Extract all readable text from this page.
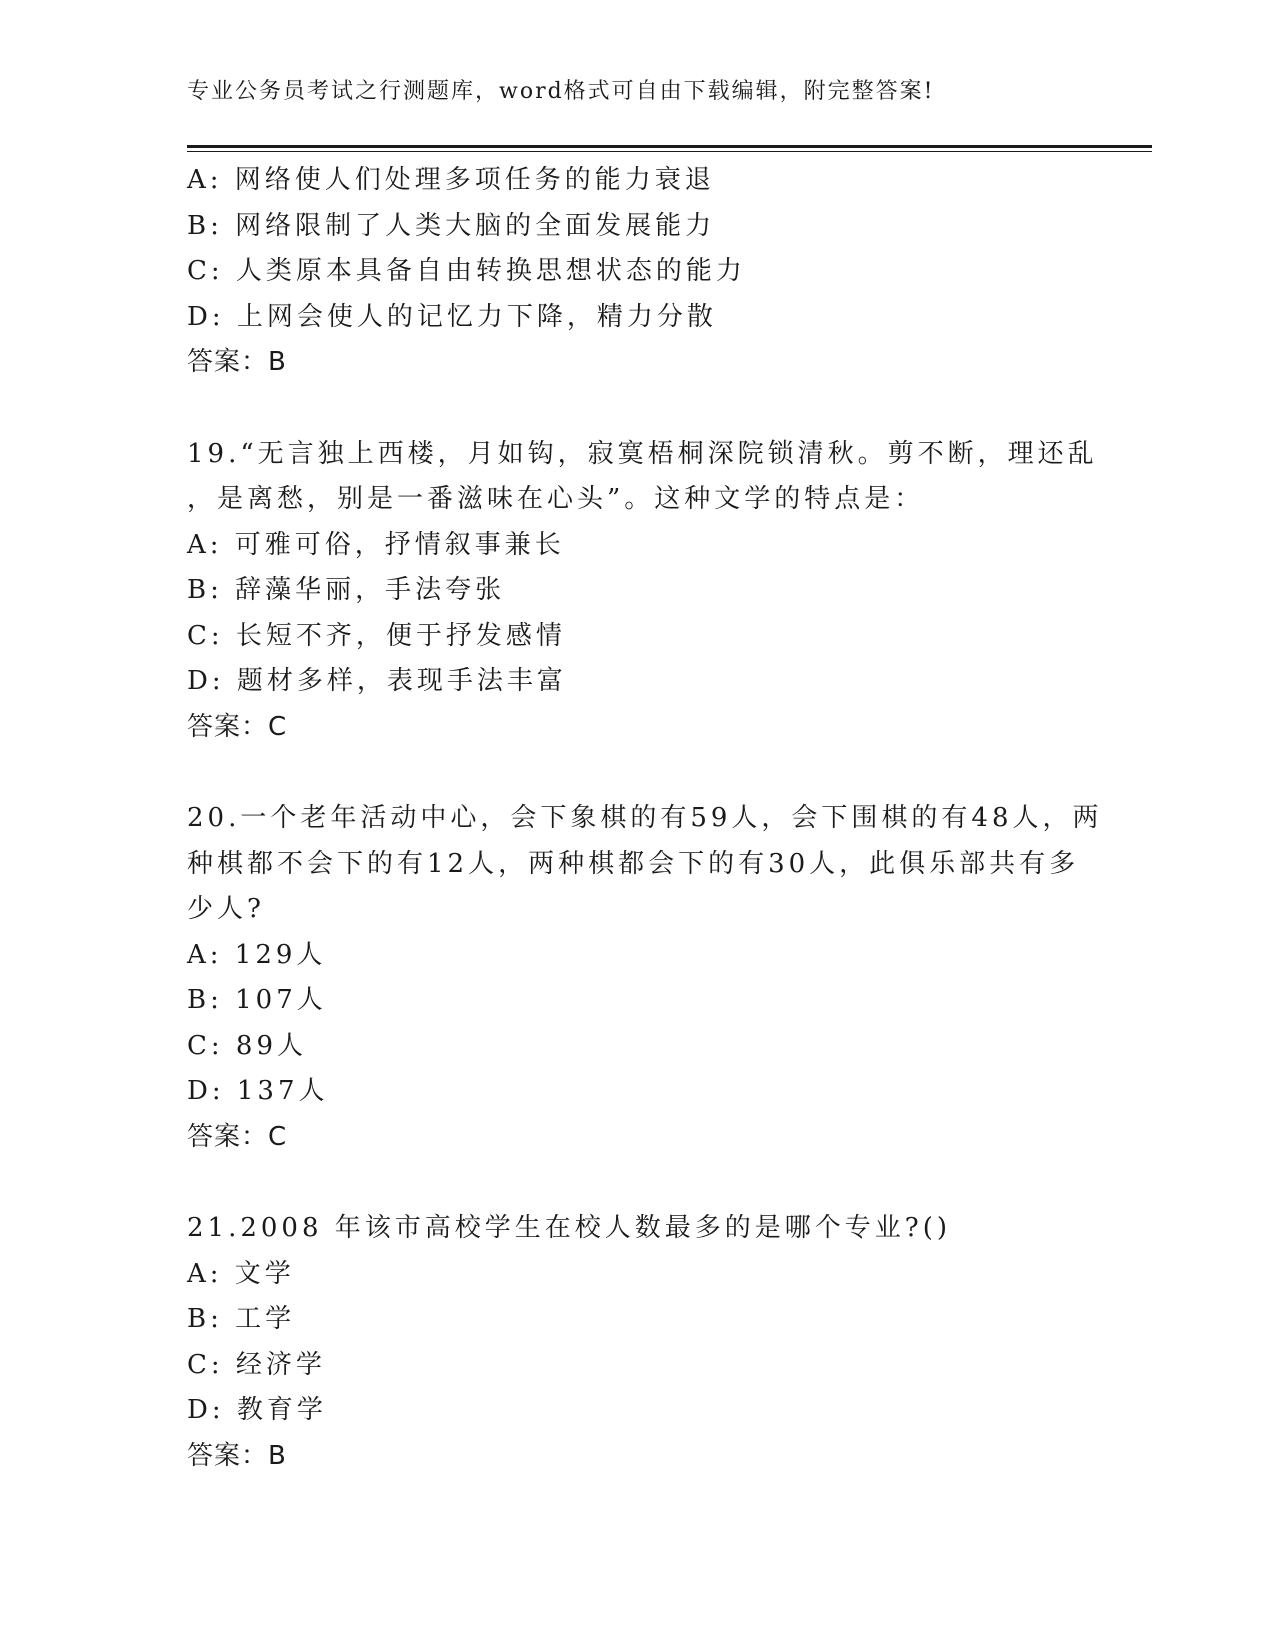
专业公务员考试之行测题库，word格式可自由下载编辑，附完整答案!
A: 网络使人们处理多项任务的能力衰退
B: 网络限制了人类大脑的全面发展能力
C: 人类原本具备自由转换思想状态的能力
D: 上网会使人的记忆力下降，精力分散
答案：B
19.“无言独上西楼，月如钩，寂寞梧桐深院锁清秋。剪不断，理还乱
，是离愁，别是一番滋味在心头”。这种文学的特点是：
A: 可雅可俗，抒情叙事兼长
B: 辞藻华丽，手法夸张
C: 长短不齐，便于抒发感情
D: 题材多样，表现手法丰富
答案：C
20.一个老年活动中心，会下象棋的有59人，会下围棋的有48人，两
种棋都不会下的有12人，两种棋都会下的有30人，此俱乐部共有多
少人?
A: 129人
B: 107人
C: 89人
D: 137人
答案：C
21.2008 年该市高校学生在校人数最多的是哪个专业?()
A: 文学
B: 工学
C: 经济学
D: 教育学
答案：B
